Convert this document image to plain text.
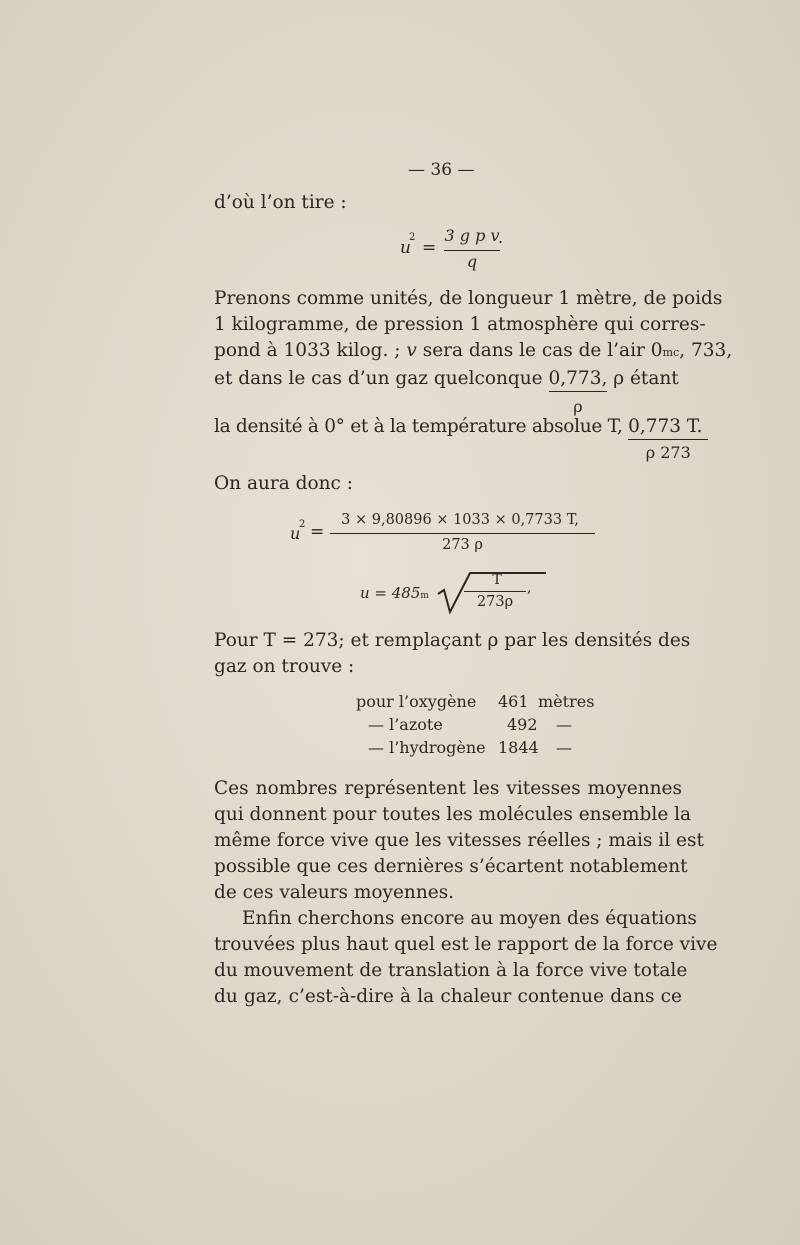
— 36 —
d’où l’on tire :
u
2
=
3 g p v
q
.
Prenons comme unités, de longueur 1 mètre, de poids
1 kilogramme, de pression 1 atmosphère qui corres-
pond à 1033 kilog. ; v sera dans le cas de l’air $0^{mc}$, 733,
et dans le cas d’un gaz quelconque $\frac{0,773,}{\rho}$ ρ étant
la densité à 0° et à la température absolue T, $\frac{0,773 T.}{\rho 273}$
On aura donc :
u
2 =
3 × 9,80896 × 1033 × 0,7733 T,
273 ρ
$u = 485^m$
T
273ρ
,
Pour T = 273; et remplaçant ρ par les densités des
gaz on trouve :
pour l’oxygène 461 mètres
— l’azote	492 —
— l’hydrogène 1844 —
Ces nombres représentent les vitesses moyennes
qui donnent pour toutes les molécules ensemble la
même force vive que les vitesses réelles ; mais il est
possible que ces dernières s’écartent notablement
de ces valeurs moyennes.
Enfin cherchons encore au moyen des équations
trouvées plus haut quel est le rapport de la force vive
du mouvement de translation à la force vive totale
du gaz, c’est-à-dire à la chaleur contenue dans ce
